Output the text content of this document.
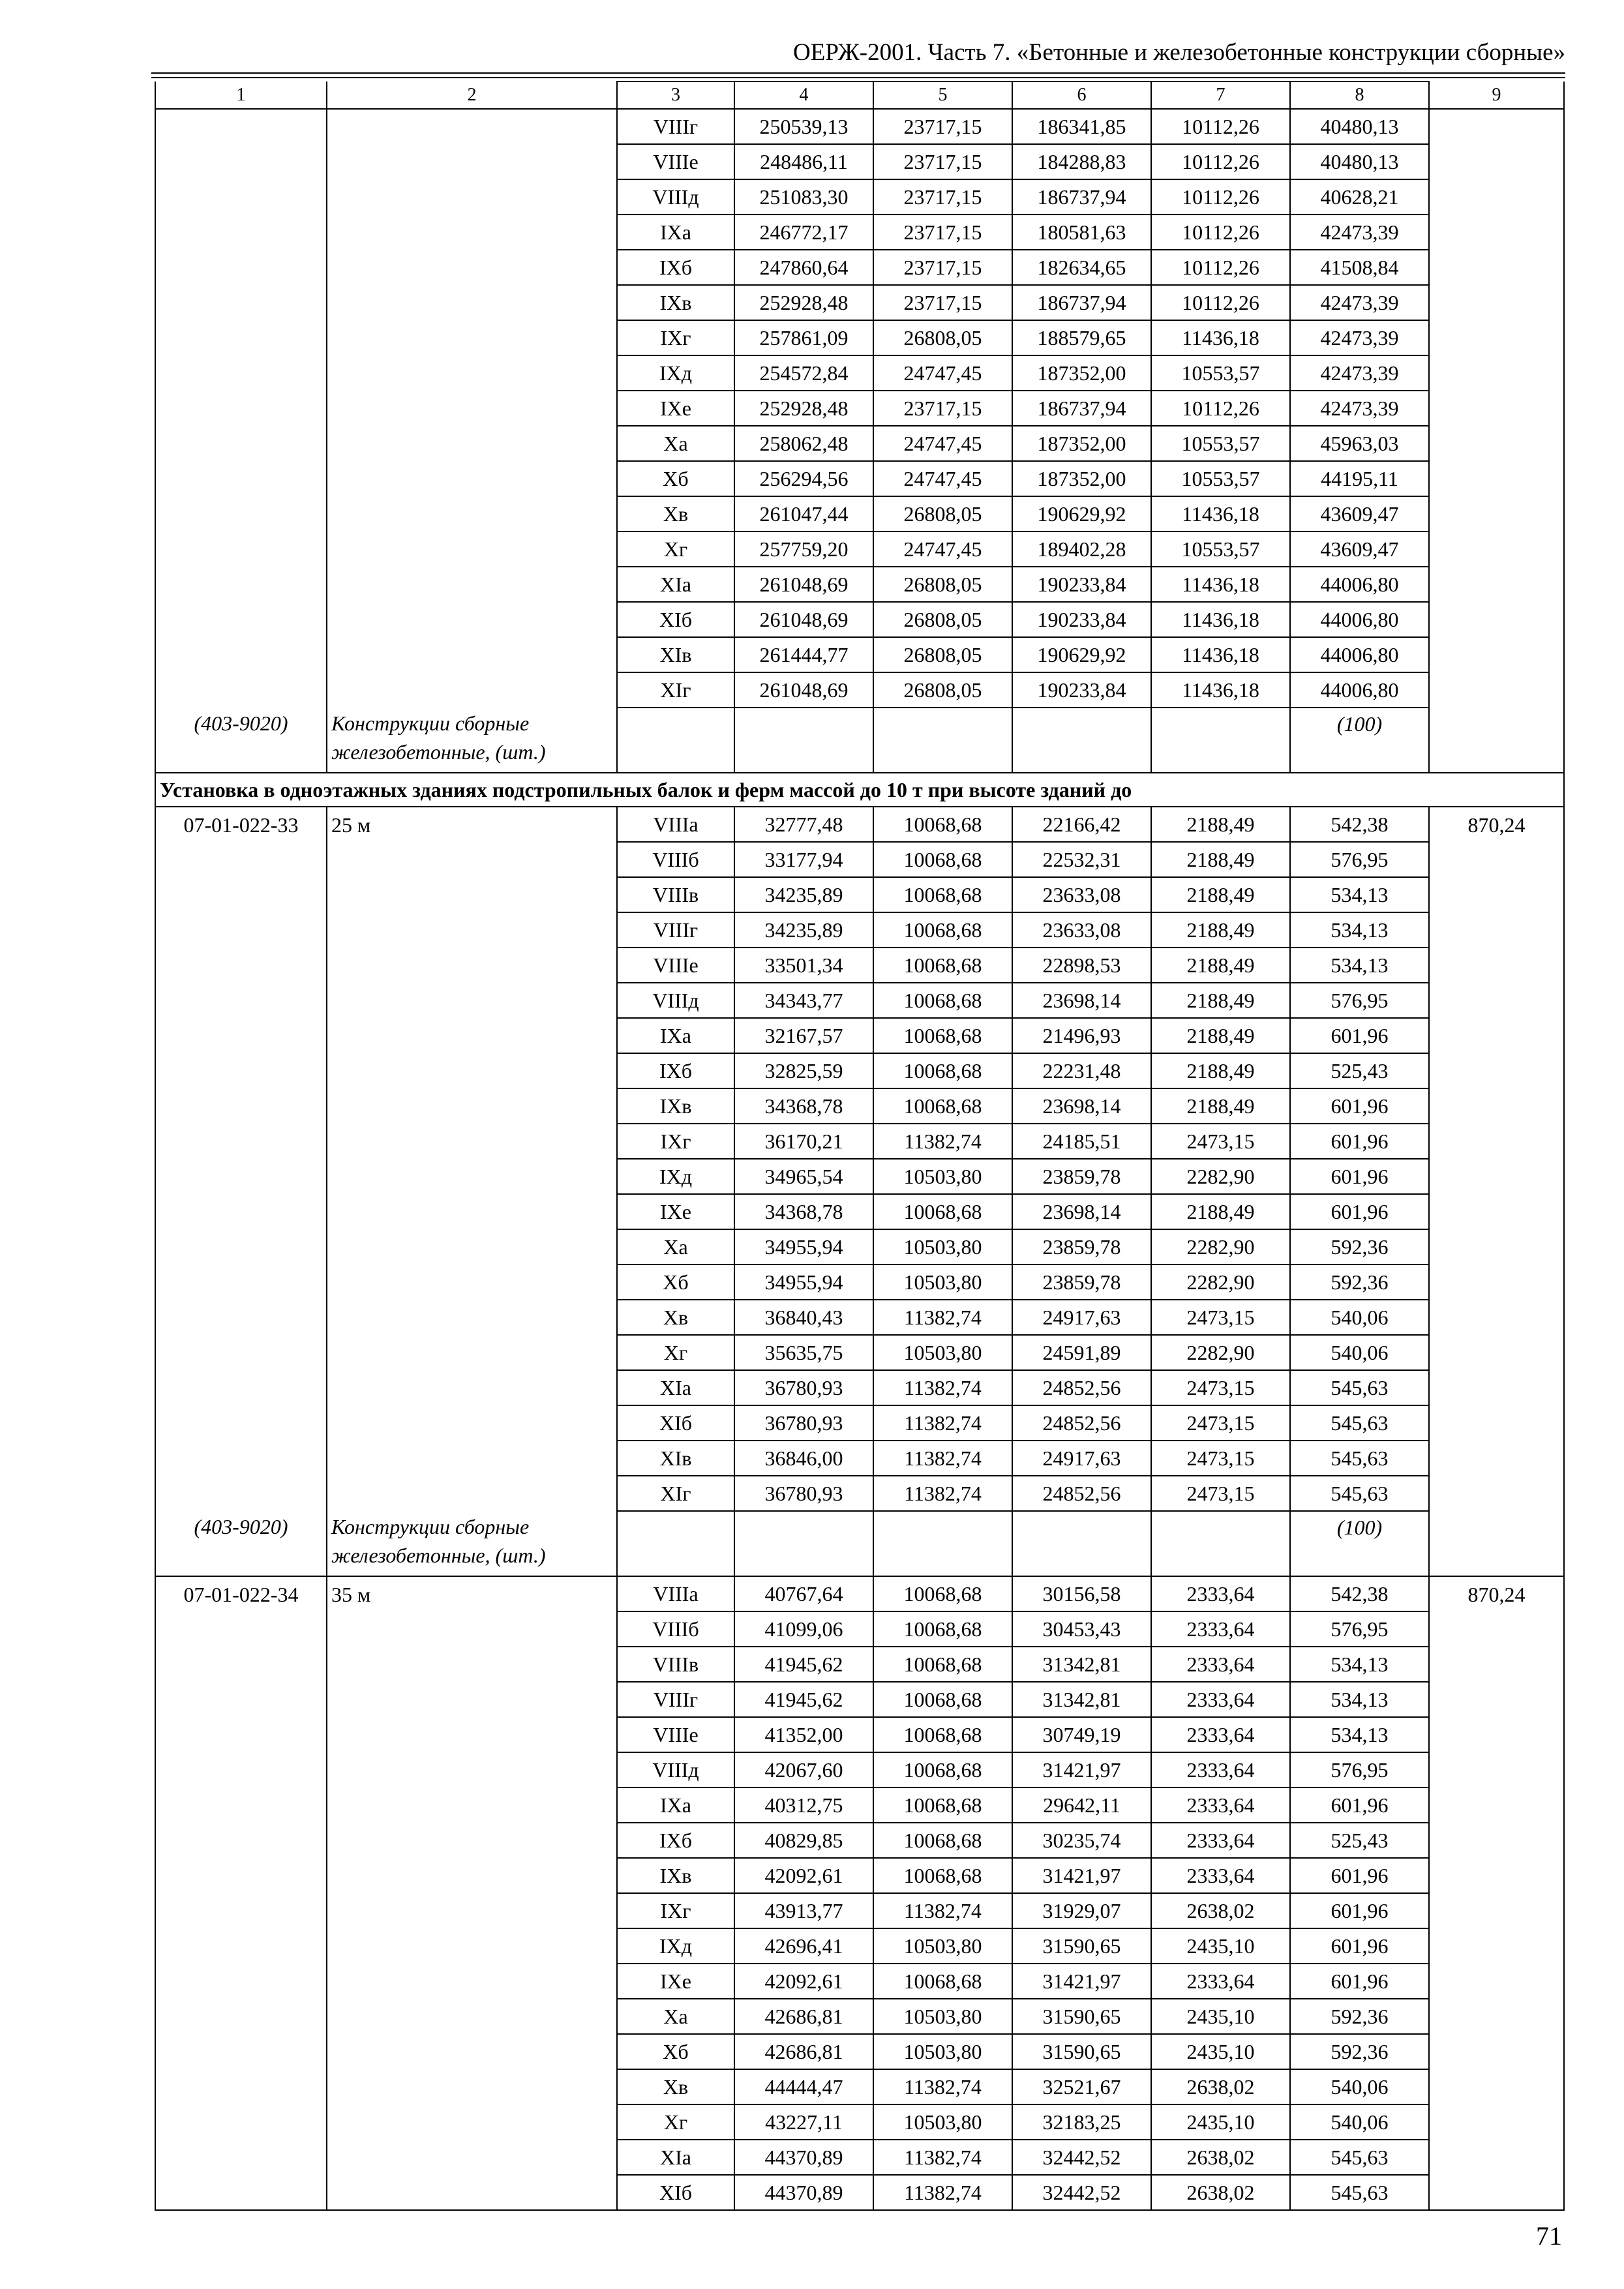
ОЕРЖ-2001. Часть 7. «Бетонные и железобетонные конструкции сборные»
1	2	3	4	5	6	7	8	9
		VIIIг	250539,13	23717,15	186341,85	10112,26	40480,13	
		VIIIе	248486,11	23717,15	184288,83	10112,26	40480,13	
		VIIIд	251083,30	23717,15	186737,94	10112,26	40628,21	
		IXа	246772,17	23717,15	180581,63	10112,26	42473,39	
		IXб	247860,64	23717,15	182634,65	10112,26	41508,84	
		IXв	252928,48	23717,15	186737,94	10112,26	42473,39	
		IXг	257861,09	26808,05	188579,65	11436,18	42473,39	
		IXд	254572,84	24747,45	187352,00	10553,57	42473,39	
		IXе	252928,48	23717,15	186737,94	10112,26	42473,39	
		Xа	258062,48	24747,45	187352,00	10553,57	45963,03	
		Xб	256294,56	24747,45	187352,00	10553,57	44195,11	
		Xв	261047,44	26808,05	190629,92	11436,18	43609,47	
		Xг	257759,20	24747,45	189402,28	10553,57	43609,47	
		XIа	261048,69	26808,05	190233,84	11436,18	44006,80	
		XIб	261048,69	26808,05	190233,84	11436,18	44006,80	
		XIв	261444,77	26808,05	190629,92	11436,18	44006,80	
		XIг	261048,69	26808,05	190233,84	11436,18	44006,80	
(403-9020)	Конструкции сборные железобетонные, (шт.)						(100)	
Установка в одноэтажных зданиях подстропильных балок и ферм массой до 10 т при высоте зданий до								
07-01-022-33	25 м	VIIIа	32777,48	10068,68	22166,42	2188,49	542,38	870,24
		VIIIб	33177,94	10068,68	22532,31	2188,49	576,95	
		VIIIв	34235,89	10068,68	23633,08	2188,49	534,13	
		VIIIг	34235,89	10068,68	23633,08	2188,49	534,13	
		VIIIе	33501,34	10068,68	22898,53	2188,49	534,13	
		VIIIд	34343,77	10068,68	23698,14	2188,49	576,95	
		IXа	32167,57	10068,68	21496,93	2188,49	601,96	
		IXб	32825,59	10068,68	22231,48	2188,49	525,43	
		IXв	34368,78	10068,68	23698,14	2188,49	601,96	
		IXг	36170,21	11382,74	24185,51	2473,15	601,96	
		IXд	34965,54	10503,80	23859,78	2282,90	601,96	
		IXе	34368,78	10068,68	23698,14	2188,49	601,96	
		Xа	34955,94	10503,80	23859,78	2282,90	592,36	
		Xб	34955,94	10503,80	23859,78	2282,90	592,36	
		Xв	36840,43	11382,74	24917,63	2473,15	540,06	
		Xг	35635,75	10503,80	24591,89	2282,90	540,06	
		XIа	36780,93	11382,74	24852,56	2473,15	545,63	
		XIб	36780,93	11382,74	24852,56	2473,15	545,63	
		XIв	36846,00	11382,74	24917,63	2473,15	545,63	
		XIг	36780,93	11382,74	24852,56	2473,15	545,63	
(403-9020)	Конструкции сборные железобетонные, (шт.)						(100)	
07-01-022-34	35 м	VIIIа	40767,64	10068,68	30156,58	2333,64	542,38	870,24
		VIIIб	41099,06	10068,68	30453,43	2333,64	576,95	
		VIIIв	41945,62	10068,68	31342,81	2333,64	534,13	
		VIIIг	41945,62	10068,68	31342,81	2333,64	534,13	
		VIIIе	41352,00	10068,68	30749,19	2333,64	534,13	
		VIIIд	42067,60	10068,68	31421,97	2333,64	576,95	
		IXа	40312,75	10068,68	29642,11	2333,64	601,96	
		IXб	40829,85	10068,68	30235,74	2333,64	525,43	
		IXв	42092,61	10068,68	31421,97	2333,64	601,96	
		IXг	43913,77	11382,74	31929,07	2638,02	601,96	
		IXд	42696,41	10503,80	31590,65	2435,10	601,96	
		IXе	42092,61	10068,68	31421,97	2333,64	601,96	
		Xа	42686,81	10503,80	31590,65	2435,10	592,36	
		Xб	42686,81	10503,80	31590,65	2435,10	592,36	
		Xв	44444,47	11382,74	32521,67	2638,02	540,06	
		Xг	43227,11	10503,80	32183,25	2435,10	540,06	
		XIа	44370,89	11382,74	32442,52	2638,02	545,63	
		XIб	44370,89	11382,74	32442,52	2638,02	545,63	
71
